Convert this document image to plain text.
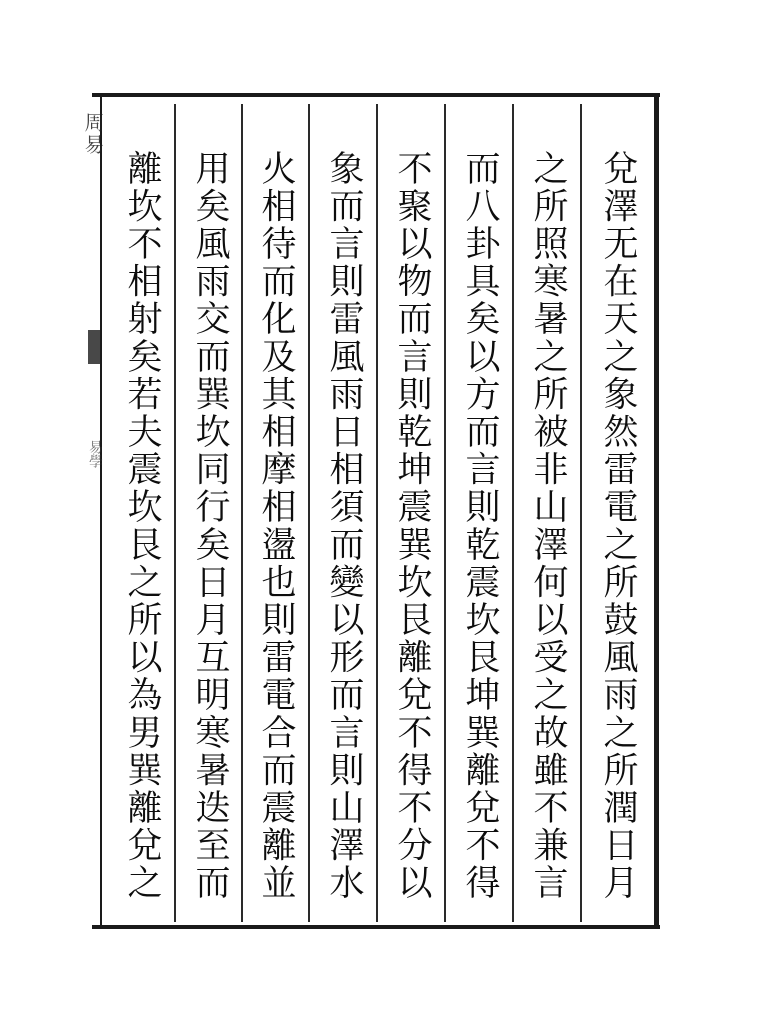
周易
易學	兌澤无在天之象然雷電之所鼓風雨之所潤日月
之所照寒暑之所被非山澤何以受之故雖不兼言
而八卦具矣以方而言則乾震坎艮坤巽離兌不得
不聚以物而言則乾坤震巽坎艮離兌不得不分以
象而言則雷風雨日相須而變以形而言則山澤水
火相待而化及其相摩相盪也則雷電合而震離並
用矣風雨交而巽坎同行矣日月互明寒暑迭至而
離坎不相射矣若夫震坎艮之所以為男巽離兌之
